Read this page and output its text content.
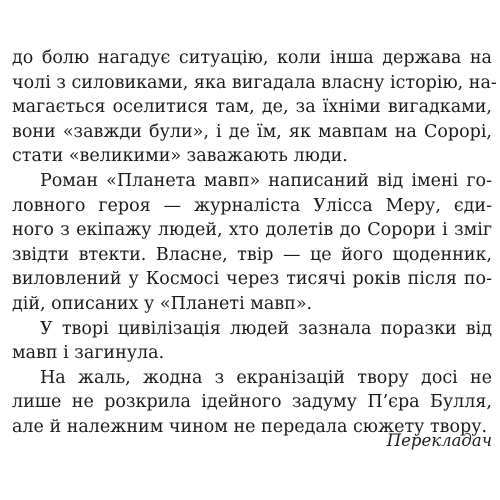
до болю нагадує ситуацію, коли інша держава на
чолі з силовиками, яка вигадала власну історію, на-
магається оселитися там, де, за їхніми вигадками,
вони «завжди були», і де їм, як мавпам на Сорорі,
стати «великими» заважають люди.
Роман «Планета мавп» написаний від імені го-
ловного героя — журналіста Улісса Меру, єди-
ного з екіпажу людей, хто долетів до Сорори і зміг
звідти втекти. Власне, твір — це його щоденник,
виловлений у Космосі через тисячі років після по-
дій, описаних у «Планеті мавп».
У творі цивілізація людей зазнала поразки від
мавп і загинула.
На жаль, жодна з екранізацій твору досі не
лише не розкрила ідейного задуму П’єра Булля,
але й належним чином не передала сюжету твору.
Перекладач
